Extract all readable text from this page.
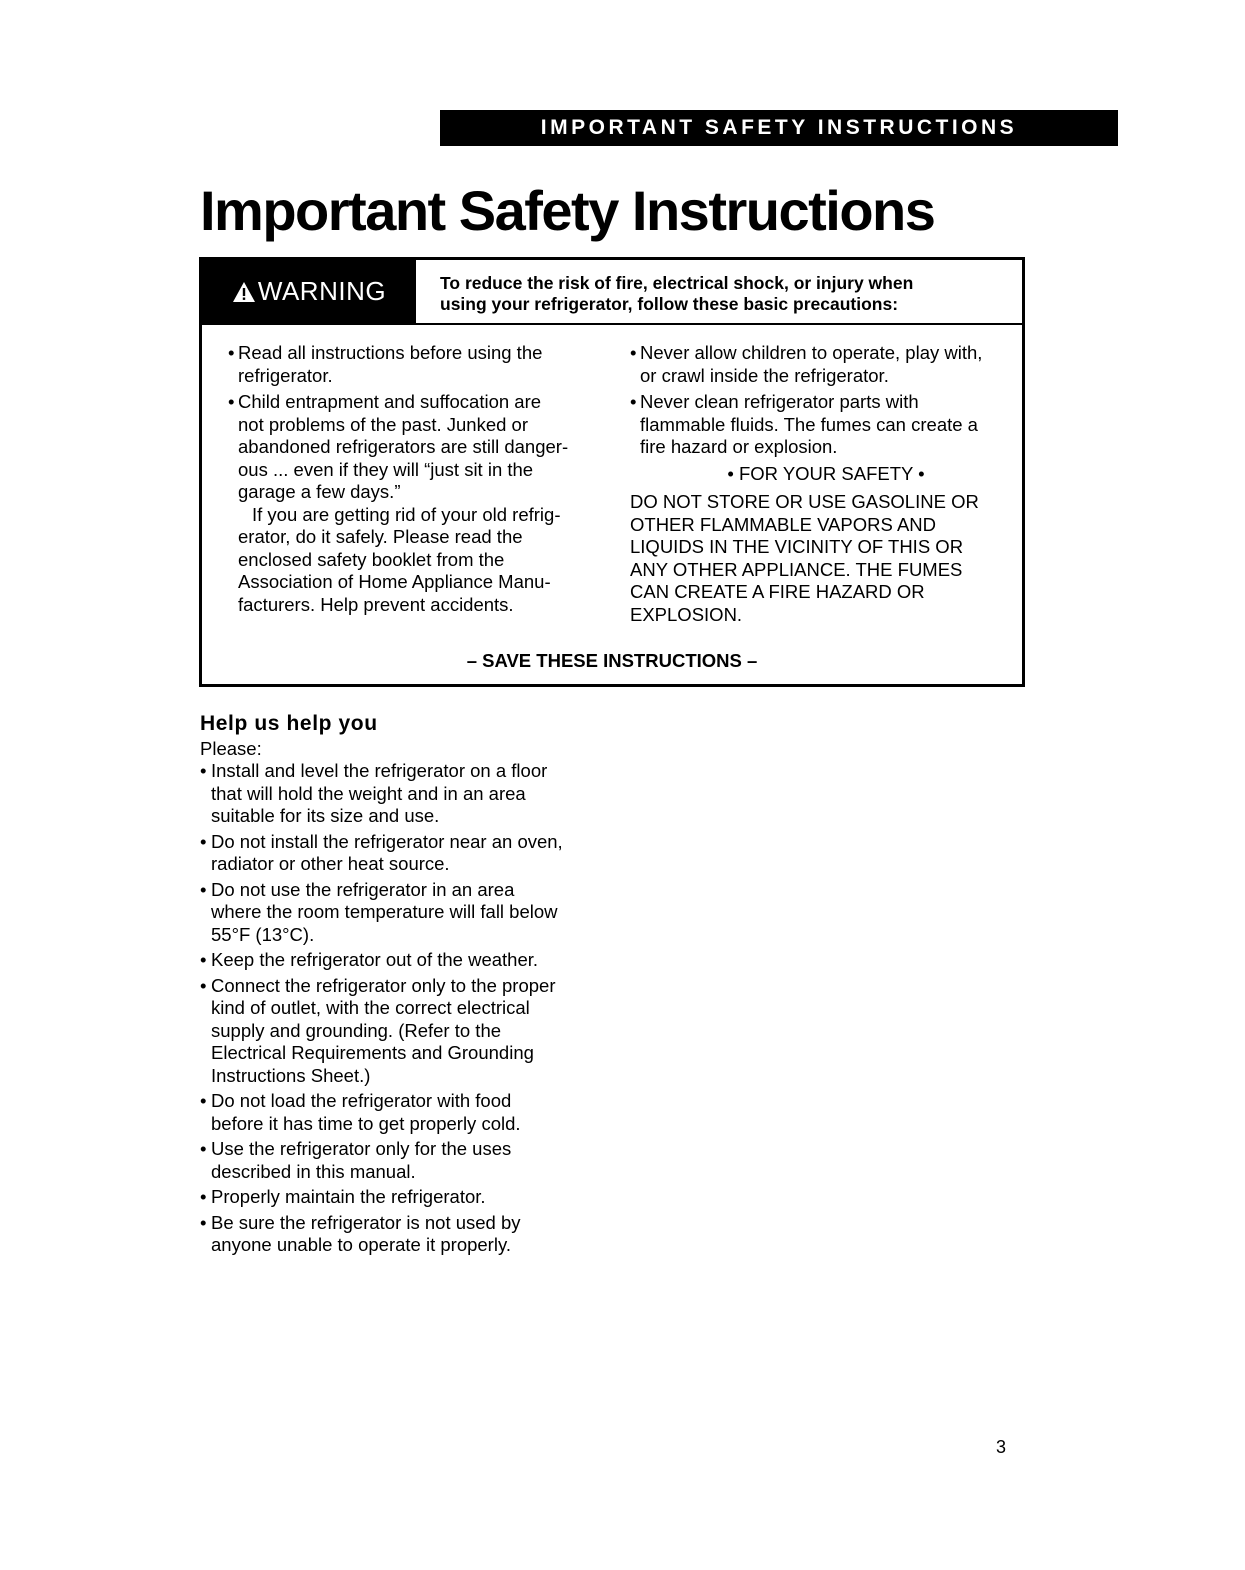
IMPORTANT SAFETY INSTRUCTIONS
Important Safety Instructions
WARNING	To reduce the risk of fire, electrical shock, or injury when
using your refrigerator, follow these basic precautions:
• Read all instructions before using the
refrigerator.
• Child entrapment and suffocation are
not problems of the past. Junked or
abandoned refrigerators are still danger-
ous ... even if they will “just sit in the
garage a few days.”
If you are getting rid of your old refrig-
erator, do it safely. Please read the
enclosed safety booklet from the
Association of Home Appliance Manu-
facturers. Help prevent accidents.
• Never allow children to operate, play with,
or crawl inside the refrigerator.
• Never clean refrigerator parts with
flammable fluids. The fumes can create a
fire hazard or explosion.
• FOR YOUR SAFETY •
DO NOT STORE OR USE GASOLINE OR
OTHER FLAMMABLE VAPORS AND
LIQUIDS IN THE VICINITY OF THIS OR
ANY OTHER APPLIANCE. THE FUMES
CAN CREATE A FIRE HAZARD OR
EXPLOSION.
– SAVE THESE INSTRUCTIONS –
Help us help you
Please:
• Install and level the refrigerator on a floor
that will hold the weight and in an area
suitable for its size and use.
• Do not install the refrigerator near an oven,
radiator or other heat source.
• Do not use the refrigerator in an area
where the room temperature will fall below
55°F (13°C).
• Keep the refrigerator out of the weather.
• Connect the refrigerator only to the proper
kind of outlet, with the correct electrical
supply and grounding. (Refer to the
Electrical Requirements and Grounding
Instructions Sheet.)
• Do not load the refrigerator with food
before it has time to get properly cold.
• Use the refrigerator only for the uses
described in this manual.
• Properly maintain the refrigerator.
• Be sure the refrigerator is not used by
anyone unable to operate it properly.
3
